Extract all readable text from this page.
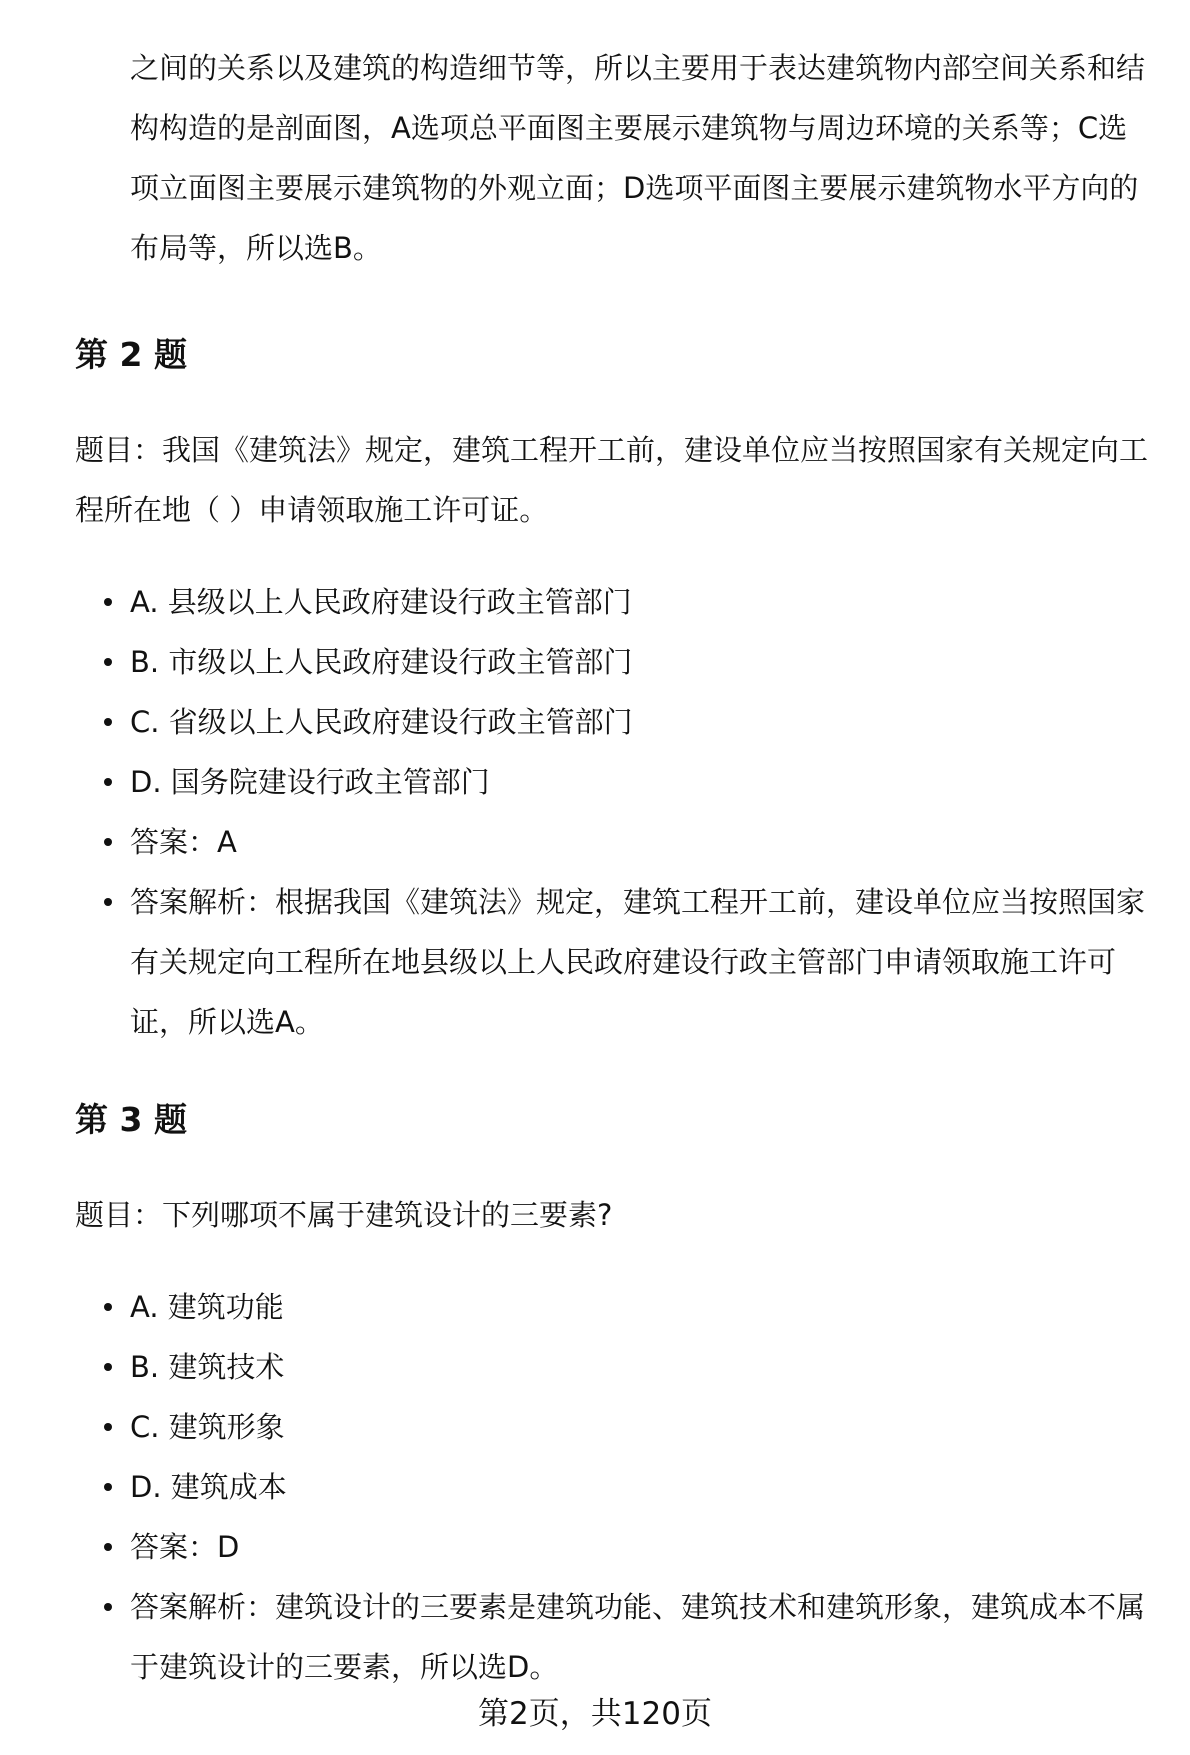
之间的关系以及建筑的构造细节等，所以主要用于表达建筑物内部空间关系和结构构造的是剖面图，A选项总平面图主要展示建筑物与周边环境的关系等；C选项立面图主要展示建筑物的外观立面；D选项平面图主要展示建筑物水平方向的布局等，所以选B。

第 2 题

题目：我国《建筑法》规定，建筑工程开工前，建设单位应当按照国家有关规定向工程所在地（ ）申请领取施工许可证。

A. 县级以上人民政府建设行政主管部门
B. 市级以上人民政府建设行政主管部门
C. 省级以上人民政府建设行政主管部门
D. 国务院建设行政主管部门
答案：A
答案解析：根据我国《建筑法》规定，建筑工程开工前，建设单位应当按照国家有关规定向工程所在地县级以上人民政府建设行政主管部门申请领取施工许可证，所以选A。
第 3 题

题目：下列哪项不属于建筑设计的三要素?

A. 建筑功能
B. 建筑技术
C. 建筑形象
D. 建筑成本
答案：D
答案解析：建筑设计的三要素是建筑功能、建筑技术和建筑形象，建筑成本不属于建筑设计的三要素，所以选D。

第2页，共120页
